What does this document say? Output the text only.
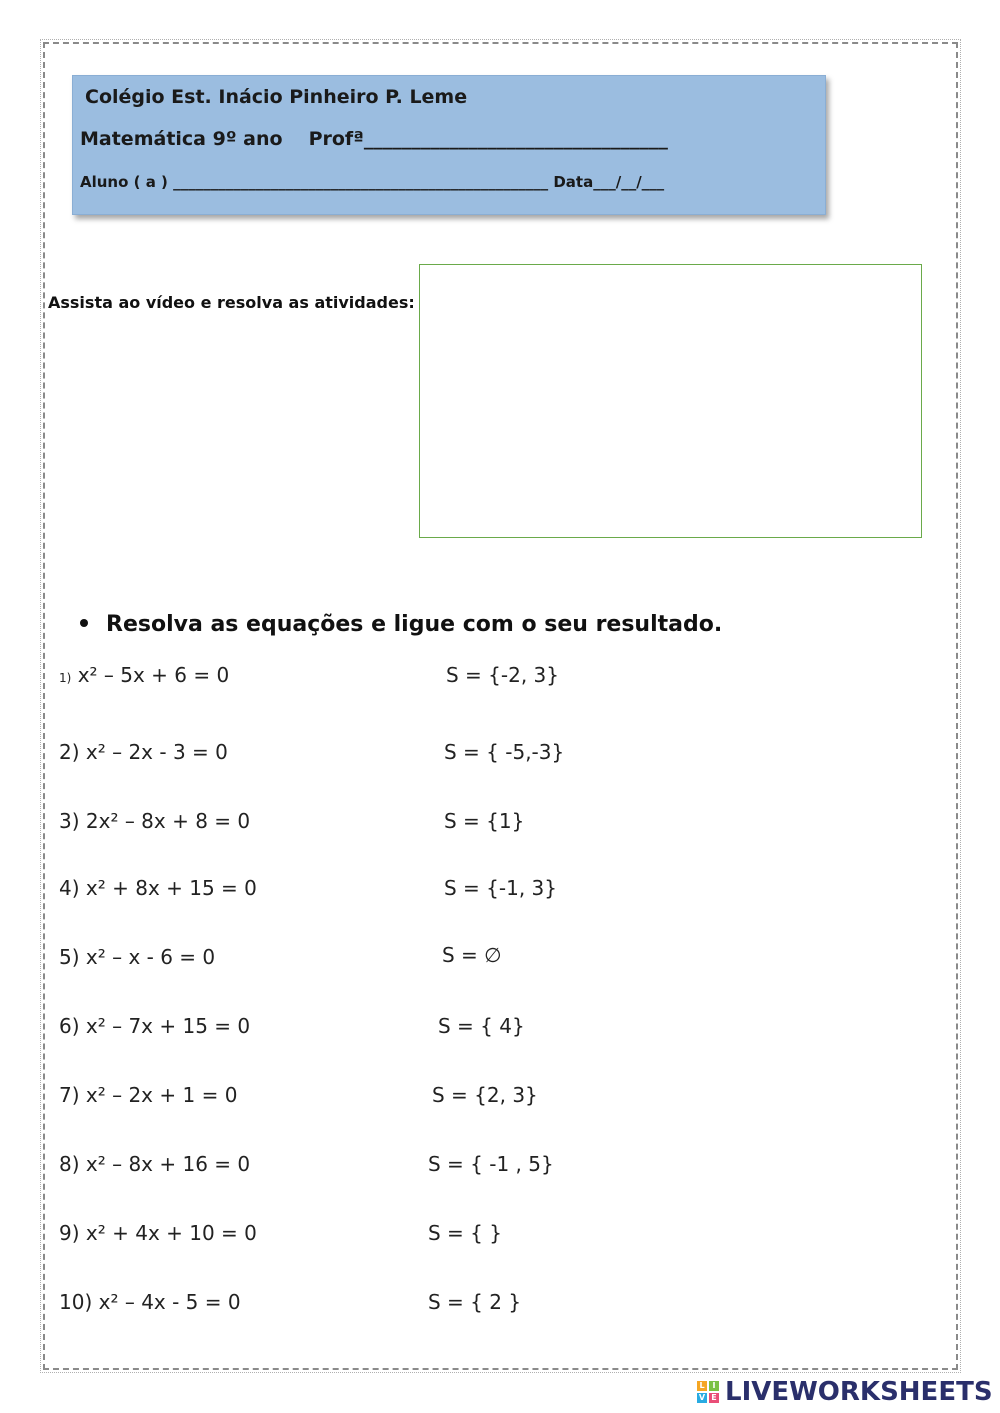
Colégio Est. Inácio Pinheiro P. Leme
Matemática 9º ano Profª________________________________
Aluno ( a ) __________________________________________________ Data___/__/___
Assista ao vídeo e resolva as atividades:
Resolva as equações e ligue com o seu resultado.
1) x² – 5x + 6 = 0
2) x² – 2x - 3 = 0
3) 2x² – 8x + 8 = 0
4) x² + 8x + 15 = 0
5) x² – x - 6 = 0
6) x² – 7x + 15 = 0
7) x² – 2x + 1 = 0
8) x² – 8x + 16 = 0
9) x² + 4x + 10 = 0
10) x² – 4x - 5 = 0
S = {-2, 3}
S = { -5,-3}
S = {1}
S = {-1, 3}
S = ∅
S = { 4}
S = {2, 3}
S = { -1 , 5}
S = { }
S = { 2 }
L I
V E LIVEWORKSHEETS
